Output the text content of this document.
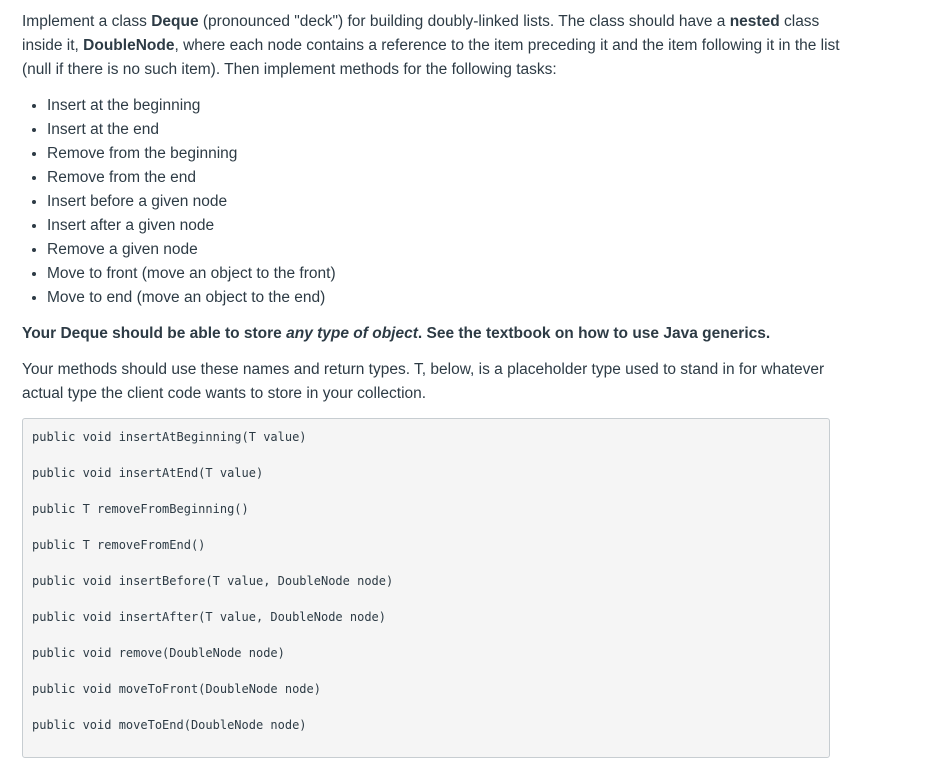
Implement a class Deque (pronounced "deck") for building doubly-linked lists. The class should have a nested class inside it, DoubleNode, where each node contains a reference to the item preceding it and the item following it in the list (null if there is no such item). Then implement methods for the following tasks:

• Insert at the beginning
• Insert at the end
• Remove from the beginning
• Remove from the end
• Insert before a given node
• Insert after a given node
• Remove a given node
• Move to front (move an object to the front)
• Move to end (move an object to the end)

Your Deque should be able to store any type of object. See the textbook on how to use Java generics.

Your methods should use these names and return types. T, below, is a placeholder type used to stand in for whatever actual type the client code wants to store in your collection.

public void insertAtBeginning(T value)
public void insertAtEnd(T value)
public T removeFromBeginning()
public T removeFromEnd()
public void insertBefore(T value, DoubleNode node)
public void insertAfter(T value, DoubleNode node)
public void remove(DoubleNode node)
public void moveToFront(DoubleNode node)
public void moveToEnd(DoubleNode node)
